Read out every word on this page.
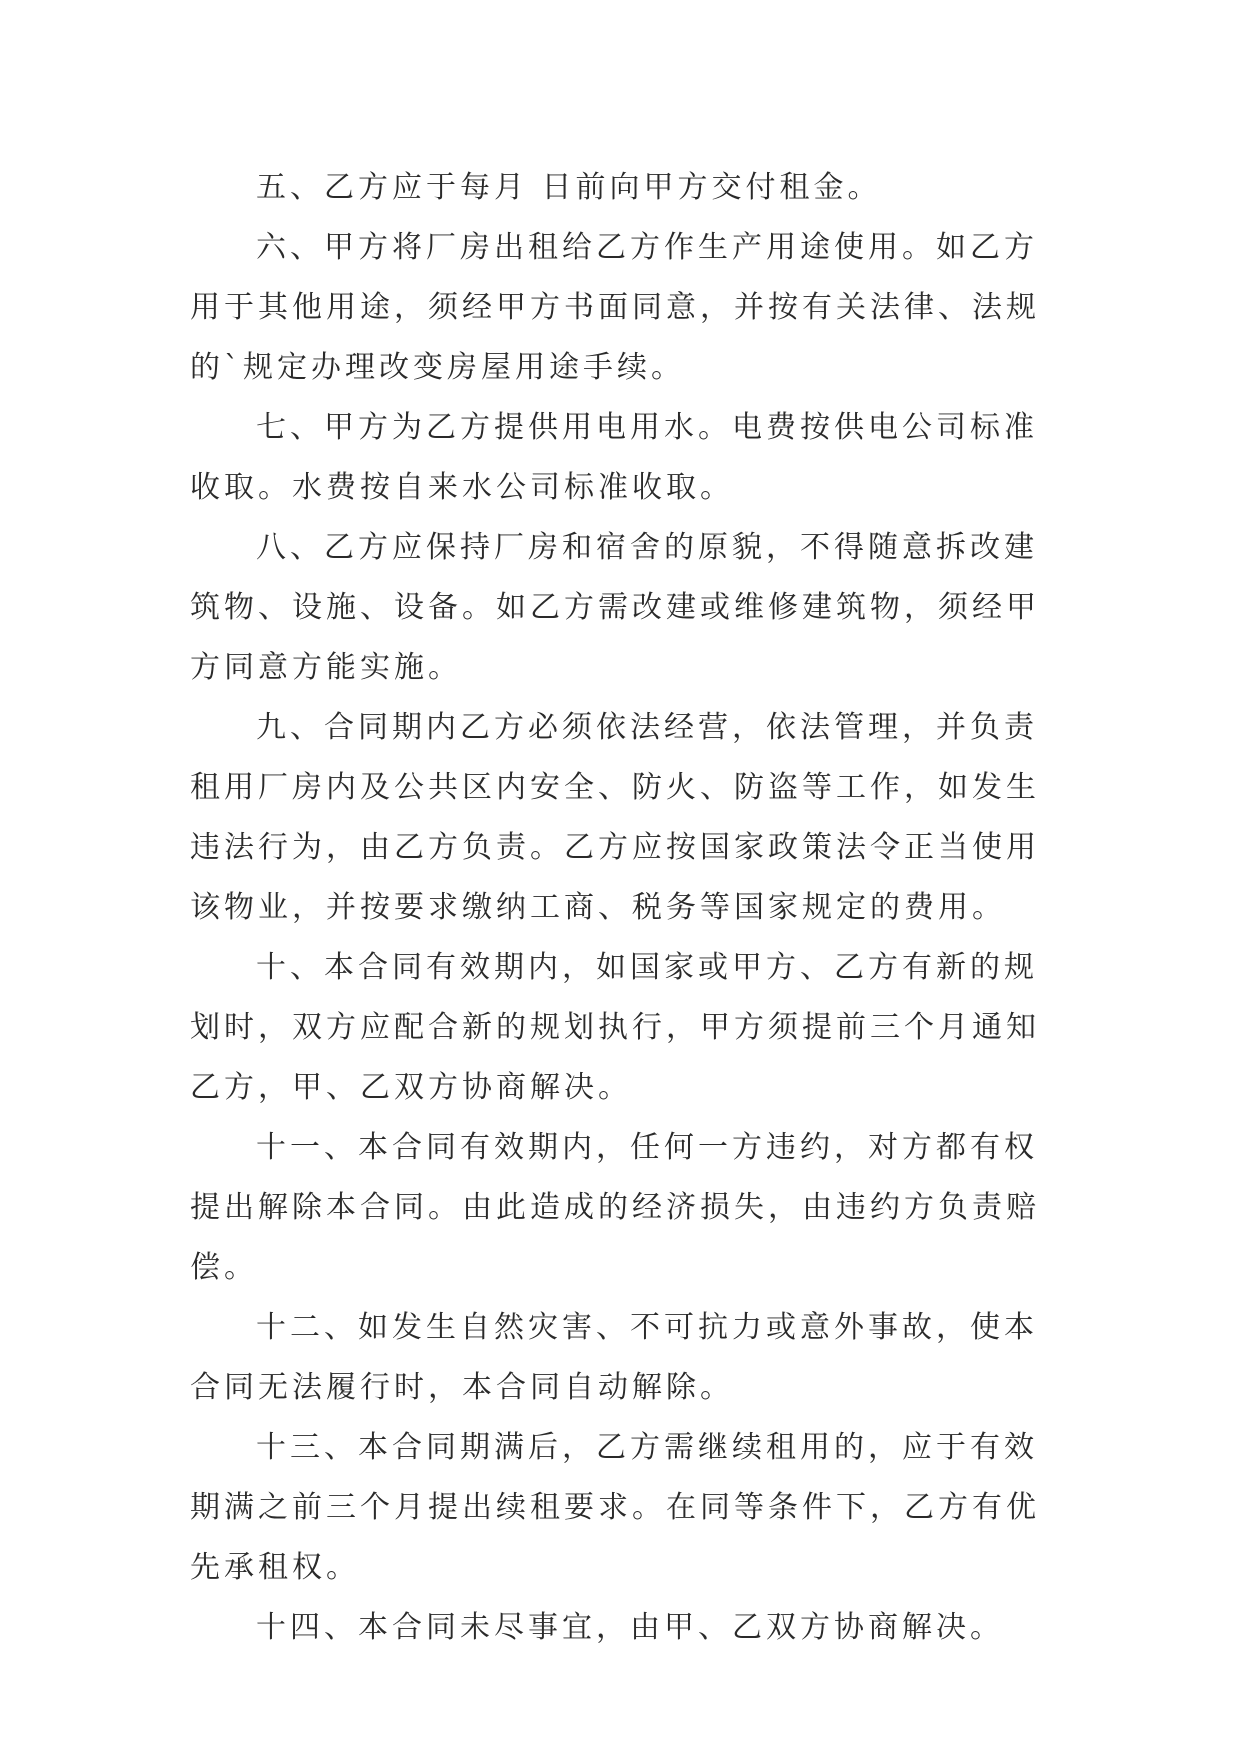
五、乙方应于每月 日前向甲方交付租金。

六、甲方将厂房出租给乙方作生产用途使用。如乙方用于其他用途，须经甲方书面同意，并按有关法律、法规的`规定办理改变房屋用途手续。

七、甲方为乙方提供用电用水。电费按供电公司标准收取。水费按自来水公司标准收取。

八、乙方应保持厂房和宿舍的原貌，不得随意拆改建筑物、设施、设备。如乙方需改建或维修建筑物，须经甲方同意方能实施。

九、合同期内乙方必须依法经营，依法管理，并负责租用厂房内及公共区内安全、防火、防盗等工作，如发生违法行为，由乙方负责。乙方应按国家政策法令正当使用该物业，并按要求缴纳工商、税务等国家规定的费用。

十、本合同有效期内，如国家或甲方、乙方有新的规划时，双方应配合新的规划执行，甲方须提前三个月通知乙方，甲、乙双方协商解决。

十一、本合同有效期内，任何一方违约，对方都有权提出解除本合同。由此造成的经济损失，由违约方负责赔偿。

十二、如发生自然灾害、不可抗力或意外事故，使本合同无法履行时，本合同自动解除。

十三、本合同期满后，乙方需继续租用的，应于有效期满之前三个月提出续租要求。在同等条件下，乙方有优先承租权。

十四、本合同未尽事宜，由甲、乙双方协商解决。
